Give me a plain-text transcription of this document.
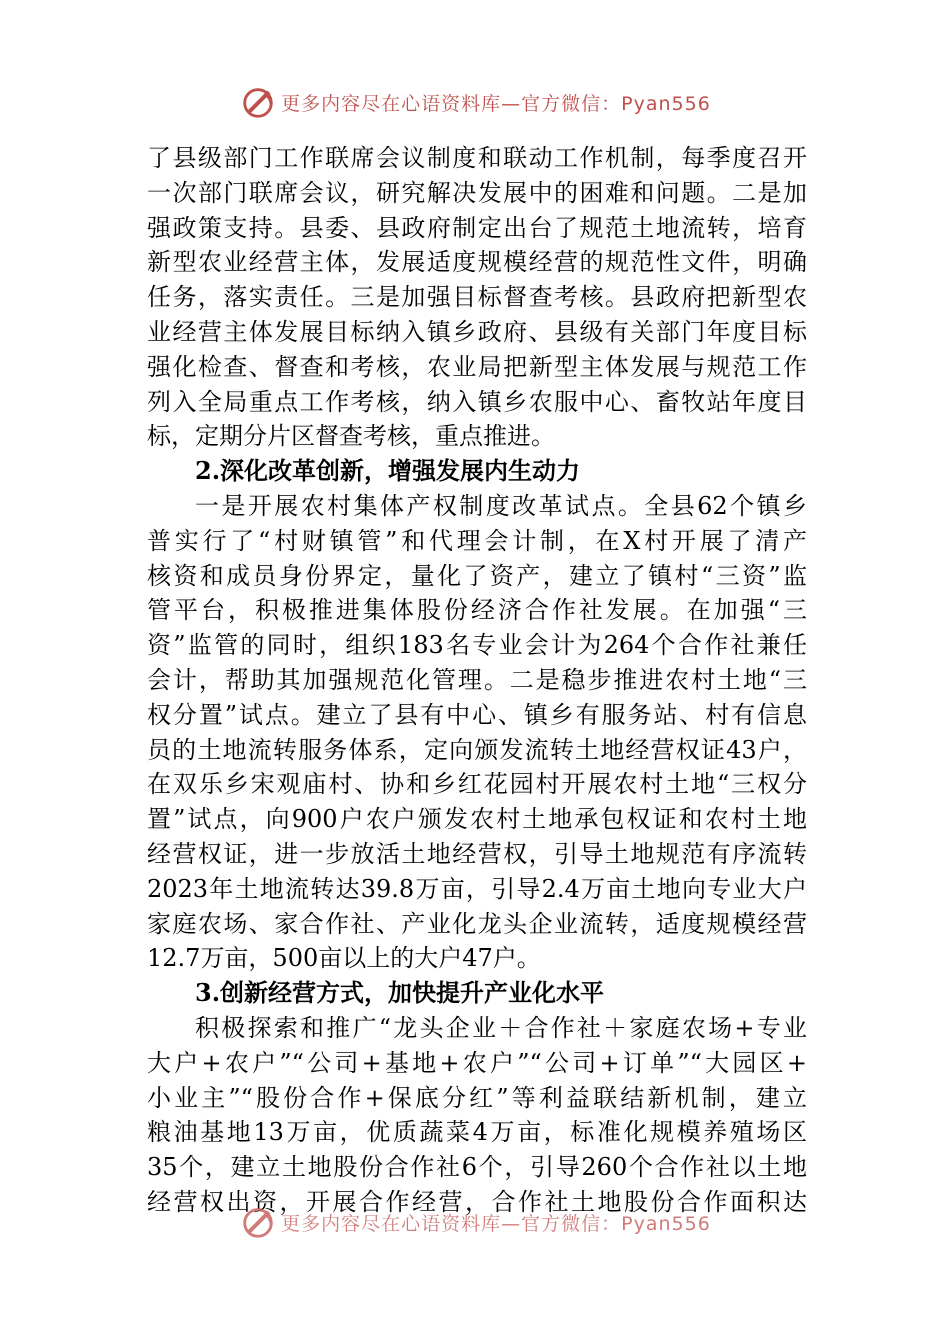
更多内容尽在心语资料库—官方微信：Pyan556
了县级部门工作联席会议制度和联动工作机制，每季度召开
一次部门联席会议，研究解决发展中的困难和问题。二是加
强政策支持。县委、县政府制定出台了规范土地流转，培育
新型农业经营主体，发展适度规模经营的规范性文件，明确
任务，落实责任。三是加强目标督查考核。县政府把新型农
业经营主体发展目标纳入镇乡政府、县级有关部门年度目标
强化检查、督查和考核，农业局把新型主体发展与规范工作
列入全局重点工作考核，纳入镇乡农服中心、畜牧站年度目
标，定期分片区督查考核，重点推进。
2.深化改革创新，增强发展内生动力
一是开展农村集体产权制度改革试点。全县62个镇乡
普实行了“村财镇管”和代理会计制，在X村开展了清产
核资和成员身份界定，量化了资产，建立了镇村“三资”监
管平台，积极推进集体股份经济合作社发展。在加强“三
资”监管的同时，组织183名专业会计为264个合作社兼任
会计，帮助其加强规范化管理。二是稳步推进农村土地“三
权分置”试点。建立了县有中心、镇乡有服务站、村有信息
员的土地流转服务体系，定向颁发流转土地经营权证43户，
在双乐乡宋观庙村、协和乡红花园村开展农村土地“三权分
置”试点，向900户农户颁发农村土地承包权证和农村土地
经营权证，进一步放活土地经营权，引导土地规范有序流转
2023年土地流转达39.8万亩，引导2.4万亩土地向专业大户
家庭农场、家合作社、产业化龙头企业流转，适度规模经营
12.7万亩，500亩以上的大户47户。
3.创新经营方式，加快提升产业化水平
积极探索和推广“龙头企业＋合作社＋家庭农场+专业
大户+农户”“公司+基地+农户”“公司+订单”“大园区+
小业主”“股份合作+保底分红”等利益联结新机制，建立
粮油基地13万亩，优质蔬菜4万亩，标准化规模养殖场区
35个，建立土地股份合作社6个，引导260个合作社以土地
经营权出资，开展合作经营，合作社土地股份合作面积达
更多内容尽在心语资料库—官方微信：Pyan556
